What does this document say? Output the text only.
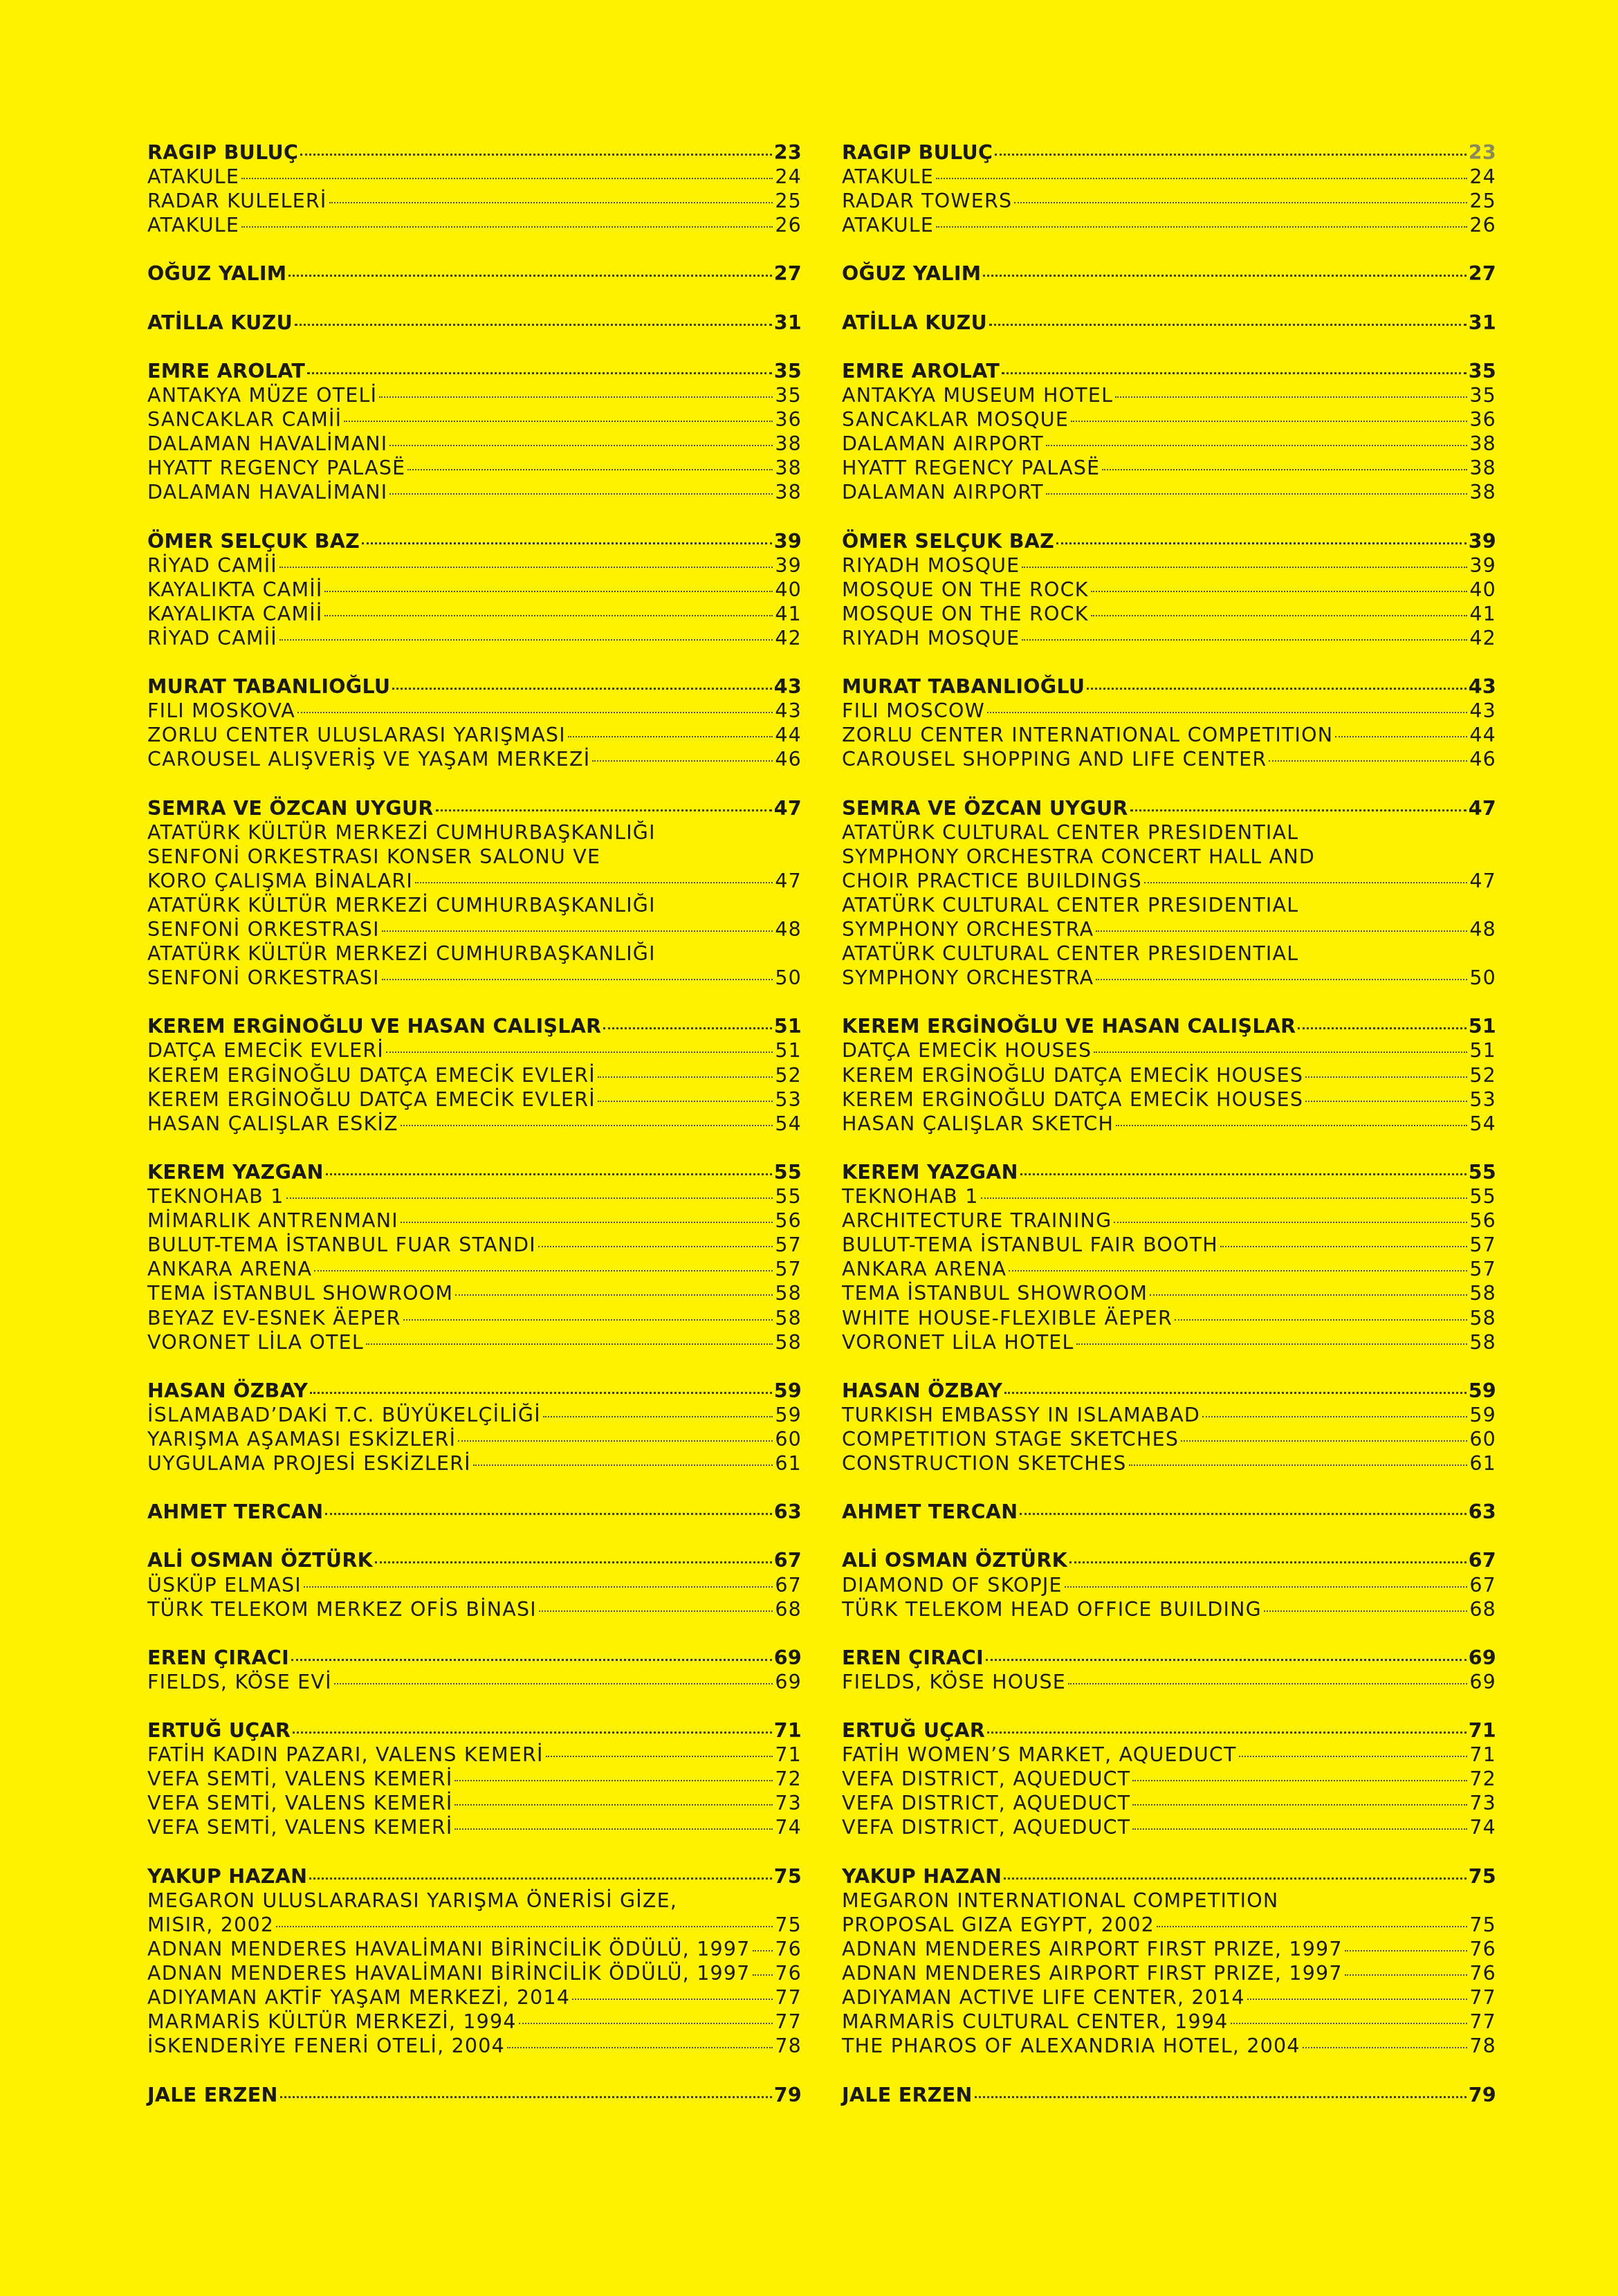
RAGIP BULUÇ	23
ATAKULE	24
RADAR KULELERİ	25
ATAKULE	26
OĞUZ YALIM	27
ATİLLA KUZU	31
EMRE AROLAT	35
ANTAKYA MÜZE OTELİ	35
SANCAKLAR CAMİİ	36
DALAMAN HAVALİMANI	38
HYATT REGENCY PALASË	38
DALAMAN HAVALİMANI	38
ÖMER SELÇUK BAZ	39
RİYAD CAMİİ	39
KAYALIKTA CAMİİ	40
KAYALIKTA CAMİİ	41
RİYAD CAMİİ	42
MURAT TABANLIOĞLU	43
FILI MOSKOVA	43
ZORLU CENTER ULUSLARASI YARIŞMASI	44
CAROUSEL ALIŞVERİŞ VE YAŞAM MERKEZİ	46
SEMRA VE ÖZCAN UYGUR	47
ATATÜRK KÜLTÜR MERKEZİ CUMHURBAŞKANLIĞI
SENFONİ ORKESTRASI KONSER SALONU VE
KORO ÇALIŞMA BİNALARI	47
ATATÜRK KÜLTÜR MERKEZİ CUMHURBAŞKANLIĞI
SENFONİ ORKESTRASI	48
ATATÜRK KÜLTÜR MERKEZİ CUMHURBAŞKANLIĞI
SENFONİ ORKESTRASI	50
KEREM ERGİNOĞLU VE HASAN CALIŞLAR	51
DATÇA EMECİK EVLERİ	51
KEREM ERGİNOĞLU DATÇA EMECİK EVLERİ	52
KEREM ERGİNOĞLU DATÇA EMECİK EVLERİ	53
HASAN ÇALIŞLAR ESKİZ	54
KEREM YAZGAN	55
TEKNOHAB 1	55
MİMARLIK ANTRENMANI	56
BULUT-TEMA İSTANBUL FUAR STANDI	57
ANKARA ARENA	57
TEMA İSTANBUL SHOWROOM	58
BEYAZ EV-ESNEK ÄEPER	58
VORONET LİLA OTEL	58
HASAN ÖZBAY	59
İSLAMABAD’DAKİ T.C. BÜYÜKELÇİLİĞİ	59
YARIŞMA AŞAMASI ESKİZLERİ	60
UYGULAMA PROJESİ ESKİZLERİ	61
AHMET TERCAN	63
ALİ OSMAN ÖZTÜRK	67
ÜSKÜP ELMASI	67
TÜRK TELEKOM MERKEZ OFİS BİNASI	68
EREN ÇIRACI	69
FIELDS, KÖSE EVİ	69
ERTUĞ UÇAR	71
FATİH KADIN PAZARI, VALENS KEMERİ	71
VEFA SEMTİ, VALENS KEMERİ	72
VEFA SEMTİ, VALENS KEMERİ	73
VEFA SEMTİ, VALENS KEMERİ	74
YAKUP HAZAN	75
MEGARON ULUSLARARASI YARIŞMA ÖNERİSİ GİZE,
MISIR, 2002	75
ADNAN MENDERES HAVALİMANI BİRİNCİLİK ÖDÜLÜ, 1997 76
ADNAN MENDERES HAVALİMANI BİRİNCİLİK ÖDÜLÜ, 1997 76
ADIYAMAN AKTİF YAŞAM MERKEZİ, 2014	77
MARMARİS KÜLTÜR MERKEZİ, 1994	77
İSKENDERİYE FENERİ OTELİ, 2004	78
JALE ERZEN	79
RAGIP BULUÇ	23
ATAKULE	24
RADAR TOWERS	25
ATAKULE	26
OĞUZ YALIM	27
ATİLLA KUZU	31
EMRE AROLAT	35
ANTAKYA MUSEUM HOTEL	35
SANCAKLAR MOSQUE	36
DALAMAN AIRPORT	38
HYATT REGENCY PALASË	38
DALAMAN AIRPORT	38
ÖMER SELÇUK BAZ	39
RIYADH MOSQUE	39
MOSQUE ON THE ROCK	40
MOSQUE ON THE ROCK	41
RIYADH MOSQUE	42
MURAT TABANLIOĞLU	43
FILI MOSCOW	43
ZORLU CENTER INTERNATIONAL COMPETITION	44
CAROUSEL SHOPPING AND LIFE CENTER	46
SEMRA VE ÖZCAN UYGUR	47
ATATÜRK CULTURAL CENTER PRESIDENTIAL
SYMPHONY ORCHESTRA CONCERT HALL AND
CHOIR PRACTICE BUILDINGS	47
ATATÜRK CULTURAL CENTER PRESIDENTIAL
SYMPHONY ORCHESTRA	48
ATATÜRK CULTURAL CENTER PRESIDENTIAL
SYMPHONY ORCHESTRA	50
KEREM ERGİNOĞLU VE HASAN CALIŞLAR	51
DATÇA EMECİK HOUSES	51
KEREM ERGİNOĞLU DATÇA EMECİK HOUSES	52
KEREM ERGİNOĞLU DATÇA EMECİK HOUSES	53
HASAN ÇALIŞLAR SKETCH	54
KEREM YAZGAN	55
TEKNOHAB 1	55
ARCHITECTURE TRAINING	56
BULUT-TEMA İSTANBUL FAIR BOOTH	57
ANKARA ARENA	57
TEMA İSTANBUL SHOWROOM	58
WHITE HOUSE-FLEXIBLE ÄEPER	58
VORONET LİLA HOTEL	58
HASAN ÖZBAY	59
TURKISH EMBASSY IN ISLAMABAD	59
COMPETITION STAGE SKETCHES	60
CONSTRUCTION SKETCHES	61
AHMET TERCAN	63
ALİ OSMAN ÖZTÜRK	67
DIAMOND OF SKOPJE	67
TÜRK TELEKOM HEAD OFFICE BUILDING	68
EREN ÇIRACI	69
FIELDS, KÖSE HOUSE	69
ERTUĞ UÇAR	71
FATİH WOMEN’S MARKET, AQUEDUCT	71
VEFA DISTRICT, AQUEDUCT	72
VEFA DISTRICT, AQUEDUCT	73
VEFA DISTRICT, AQUEDUCT	74
YAKUP HAZAN	75
MEGARON INTERNATIONAL COMPETITION
PROPOSAL GIZA EGYPT, 2002	75
ADNAN MENDERES AIRPORT FIRST PRIZE, 1997	76
ADNAN MENDERES AIRPORT FIRST PRIZE, 1997	76
ADIYAMAN ACTIVE LIFE CENTER, 2014	77
MARMARİS CULTURAL CENTER, 1994	77
THE PHAROS OF ALEXANDRIA HOTEL, 2004	78
JALE ERZEN	79
